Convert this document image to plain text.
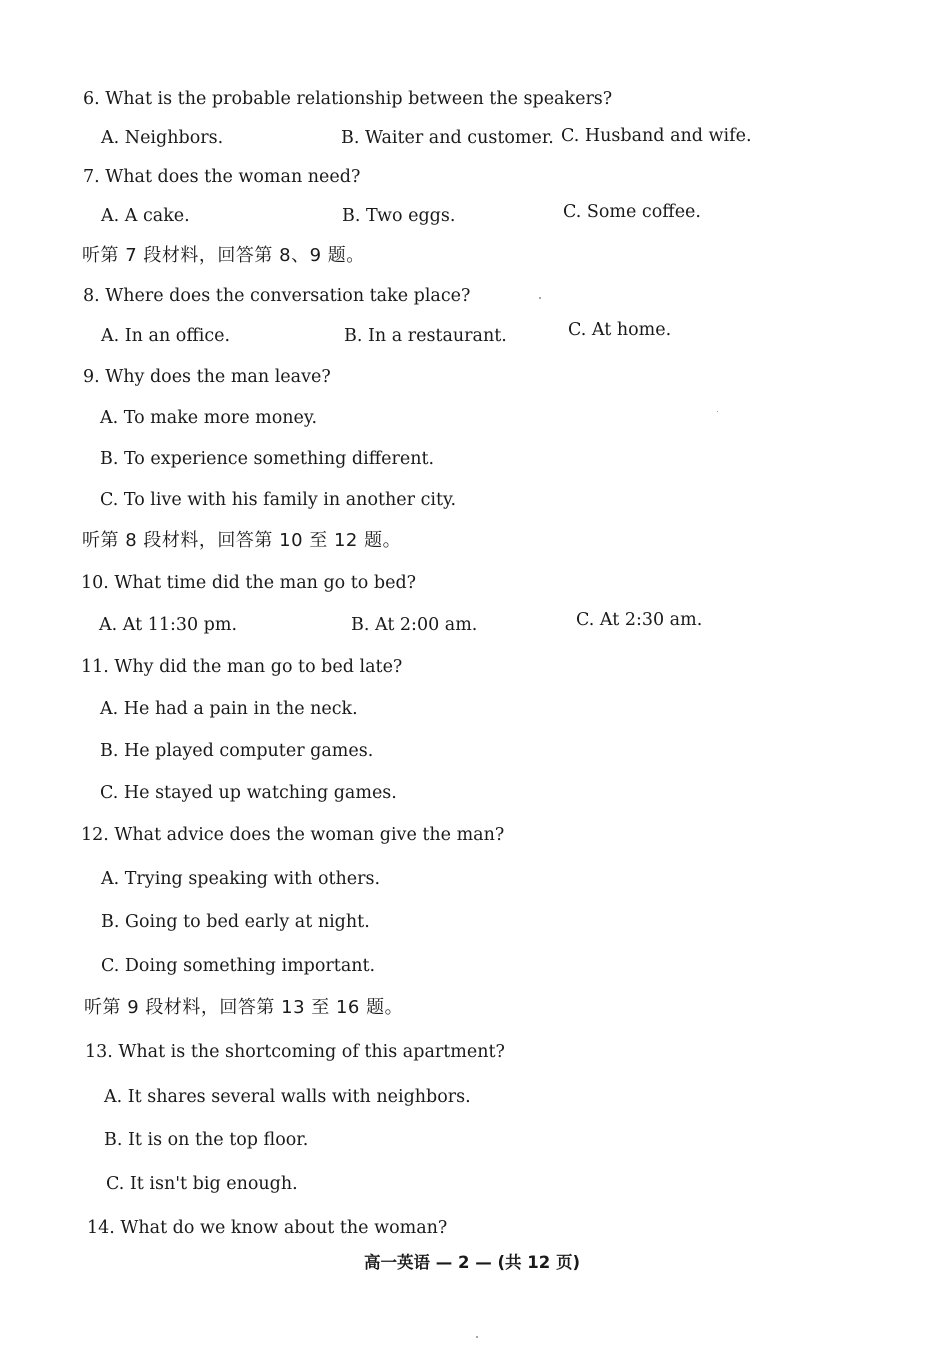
6. What is the probable relationship between the speakers?
A. Neighbors.	B. Waiter and customer. C. Husband and wife.
7. What does the woman need?
A. A cake.	B. Two eggs.	C. Some coffee.
听第 7 段材料，回答第 8、9 题。
8. Where does the conversation take place?
A. In an office.	B. In a restaurant.	C. At home.
9. Why does the man leave?
A. To make more money.
B. To experience something different.
C. To live with his family in another city.
听第 8 段材料，回答第 10 至 12 题。
10. What time did the man go to bed?
A. At 11:30 pm.	B. At 2:00 am.	C. At 2:30 am.
11. Why did the man go to bed late?
A. He had a pain in the neck.
B. He played computer games.
C. He stayed up watching games.
12. What advice does the woman give the man?
A. Trying speaking with others.
B. Going to bed early at night.
C. Doing something important.
听第 9 段材料，回答第 13 至 16 题。
13. What is the shortcoming of this apartment?
A. It shares several walls with neighbors.
B. It is on the top floor.
C. It isn't big enough.
14. What do we know about the woman?
高一英语 — 2 — (共 12 页)
